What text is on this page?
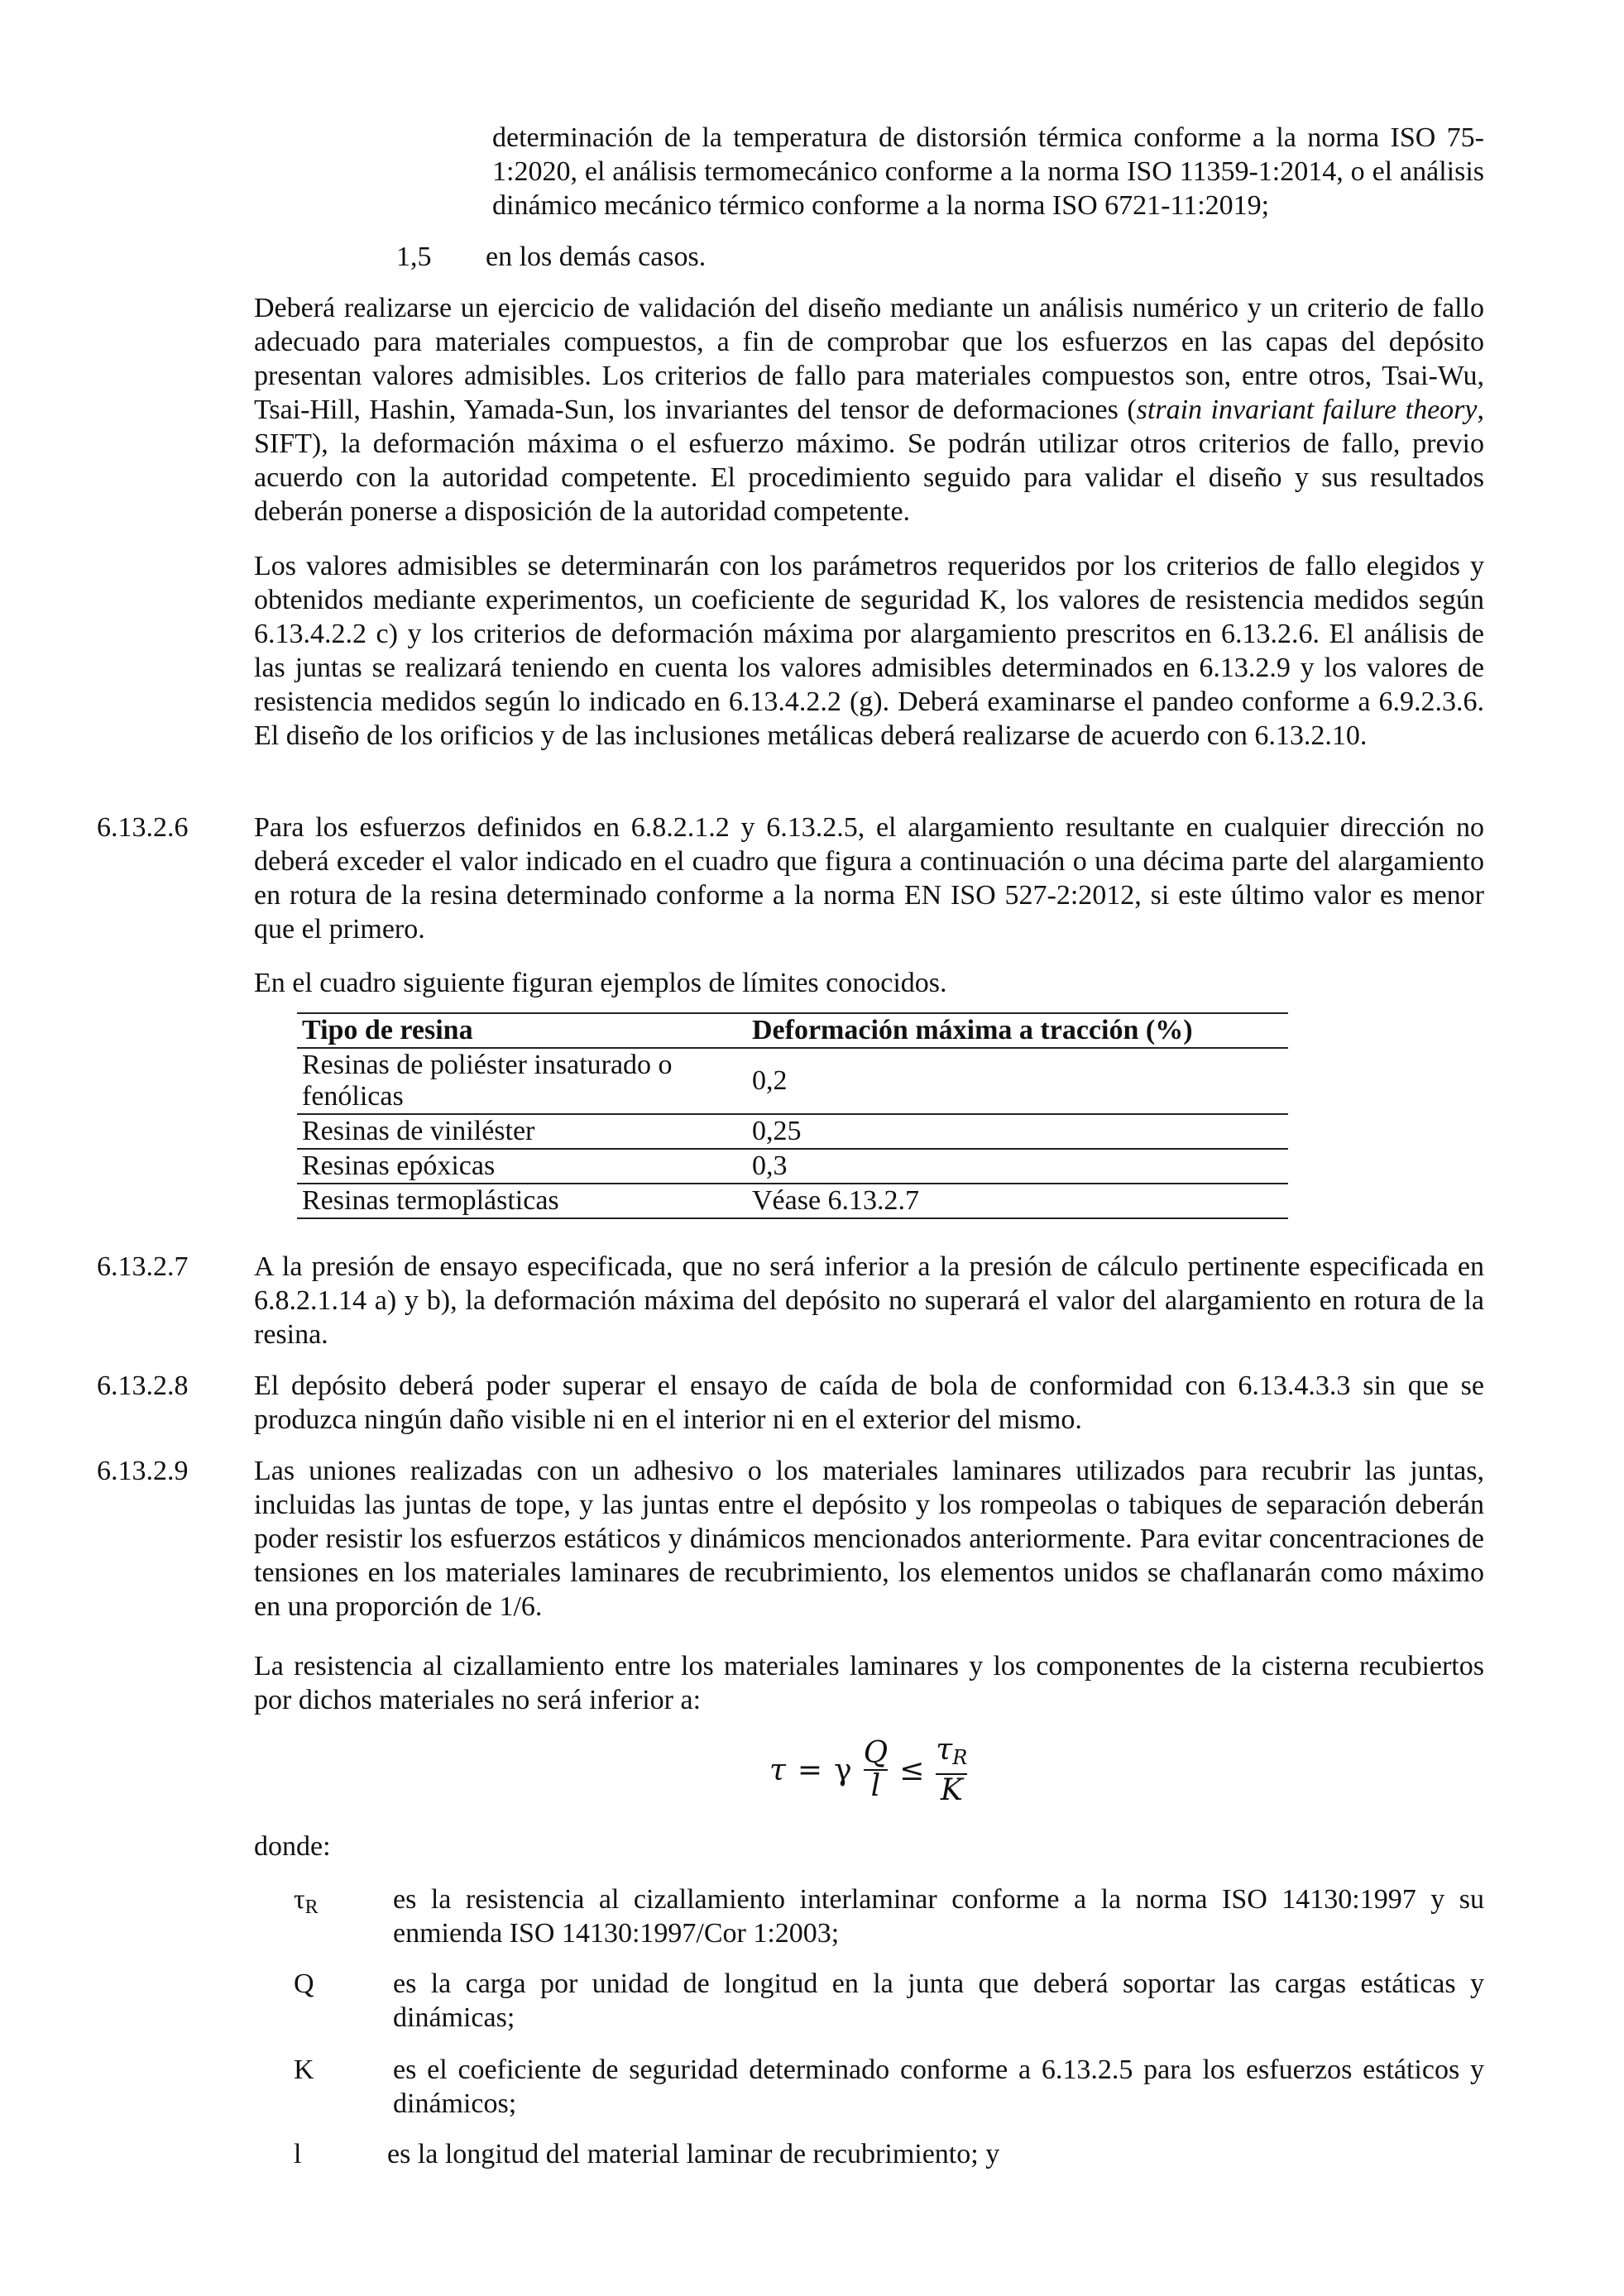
determinación de la temperatura de distorsión térmica conforme a la norma ISO 75-1:2020, el análisis termomecánico conforme a la norma ISO 11359-1:2014, o el análisis dinámico mecánico térmico conforme a la norma ISO 6721-11:2019;
1,5 en los demás casos.
Deberá realizarse un ejercicio de validación del diseño mediante un análisis numérico y un criterio de fallo adecuado para materiales compuestos, a fin de comprobar que los esfuerzos en las capas del depósito presentan valores admisibles. Los criterios de fallo para materiales compuestos son, entre otros, Tsai-Wu, Tsai-Hill, Hashin, Yamada-Sun, los invariantes del tensor de deformaciones (strain invariant failure theory, SIFT), la deformación máxima o el esfuerzo máximo. Se podrán utilizar otros criterios de fallo, previo acuerdo con la autoridad competente. El procedimiento seguido para validar el diseño y sus resultados deberán ponerse a disposición de la autoridad competente.
Los valores admisibles se determinarán con los parámetros requeridos por los criterios de fallo elegidos y obtenidos mediante experimentos, un coeficiente de seguridad K, los valores de resistencia medidos según 6.13.4.2.2 c) y los criterios de deformación máxima por alargamiento prescritos en 6.13.2.6. El análisis de las juntas se realizará teniendo en cuenta los valores admisibles determinados en 6.13.2.9 y los valores de resistencia medidos según lo indicado en 6.13.4.2.2 (g). Deberá examinarse el pandeo conforme a 6.9.2.3.6. El diseño de los orificios y de las inclusiones metálicas deberá realizarse de acuerdo con 6.13.2.10.
6.13.2.6 Para los esfuerzos definidos en 6.8.2.1.2 y 6.13.2.5, el alargamiento resultante en cualquier dirección no deberá exceder el valor indicado en el cuadro que figura a continuación o una décima parte del alargamiento en rotura de la resina determinado conforme a la norma EN ISO 527-2:2012, si este último valor es menor que el primero.
En el cuadro siguiente figuran ejemplos de límites conocidos.
Tipo de resina	Deformación máxima a tracción (%)
Resinas de poliéster insaturado o fenólicas	0,2
Resinas de viniléster	0,25
Resinas epóxicas	0,3
Resinas termoplásticas	Véase 6.13.2.7
6.13.2.7 A la presión de ensayo especificada, que no será inferior a la presión de cálculo pertinente especificada en 6.8.2.1.14 a) y b), la deformación máxima del depósito no superará el valor del alargamiento en rotura de la resina.
6.13.2.8 El depósito deberá poder superar el ensayo de caída de bola de conformidad con 6.13.4.3.3 sin que se produzca ningún daño visible ni en el interior ni en el exterior del mismo.
6.13.2.9 Las uniones realizadas con un adhesivo o los materiales laminares utilizados para recubrir las juntas, incluidas las juntas de tope, y las juntas entre el depósito y los rompeolas o tabiques de separación deberán poder resistir los esfuerzos estáticos y dinámicos mencionados anteriormente. Para evitar concentraciones de tensiones en los materiales laminares de recubrimiento, los elementos unidos se chaflanarán como máximo en una proporción de 1/6.
La resistencia al cizallamiento entre los materiales laminares y los componentes de la cisterna recubiertos por dichos materiales no será inferior a:
τ = γ $\frac{Q}{l} \le \frac{\tau_R}{K}$
donde:
$\tau_R$	es la resistencia al cizallamiento interlaminar conforme a la norma ISO 14130:1997 y su enmienda ISO 14130:1997/Cor 1:2003;
Q	es la carga por unidad de longitud en la junta que deberá soportar las cargas estáticas y dinámicas;
K	es el coeficiente de seguridad determinado conforme a 6.13.2.5 para los esfuerzos estáticos y dinámicos;
l	es la longitud del material laminar de recubrimiento; y
